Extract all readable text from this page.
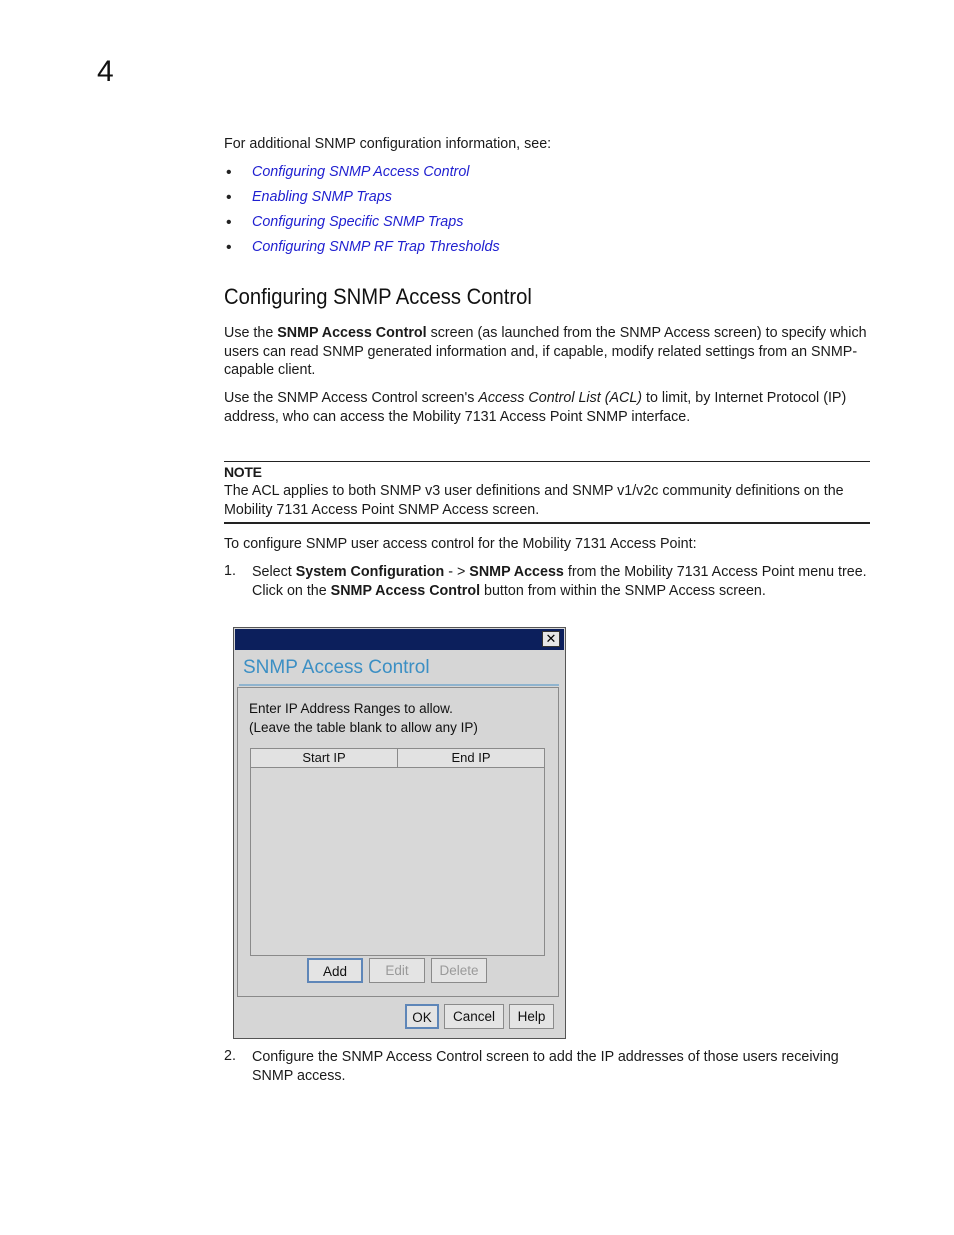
4
For additional SNMP configuration information, see:
• Configuring SNMP Access Control
• Enabling SNMP Traps
• Configuring Specific SNMP Traps
• Configuring SNMP RF Trap Thresholds
Configuring SNMP Access Control
Use the SNMP Access Control screen (as launched from the SNMP Access screen) to specify which users can read SNMP generated information and, if capable, modify related settings from an SNMP-capable client.
Use the SNMP Access Control screen's Access Control List (ACL) to limit, by Internet Protocol (IP) address, who can access the Mobility 7131 Access Point SNMP interface.
NOTE
The ACL applies to both SNMP v3 user definitions and SNMP v1/v2c community definitions on the Mobility 7131 Access Point SNMP Access screen.
To configure SNMP user access control for the Mobility 7131 Access Point:
1. Select System Configuration - > SNMP Access from the Mobility 7131 Access Point menu tree. Click on the SNMP Access Control button from within the SNMP Access screen.
✕
SNMP Access Control
Enter IP Address Ranges to allow.
(Leave the table blank to allow any IP)
Start IP	End IP
Add	Edit	Delete
OK	Cancel	Help
2. Configure the SNMP Access Control screen to add the IP addresses of those users receiving SNMP access.
